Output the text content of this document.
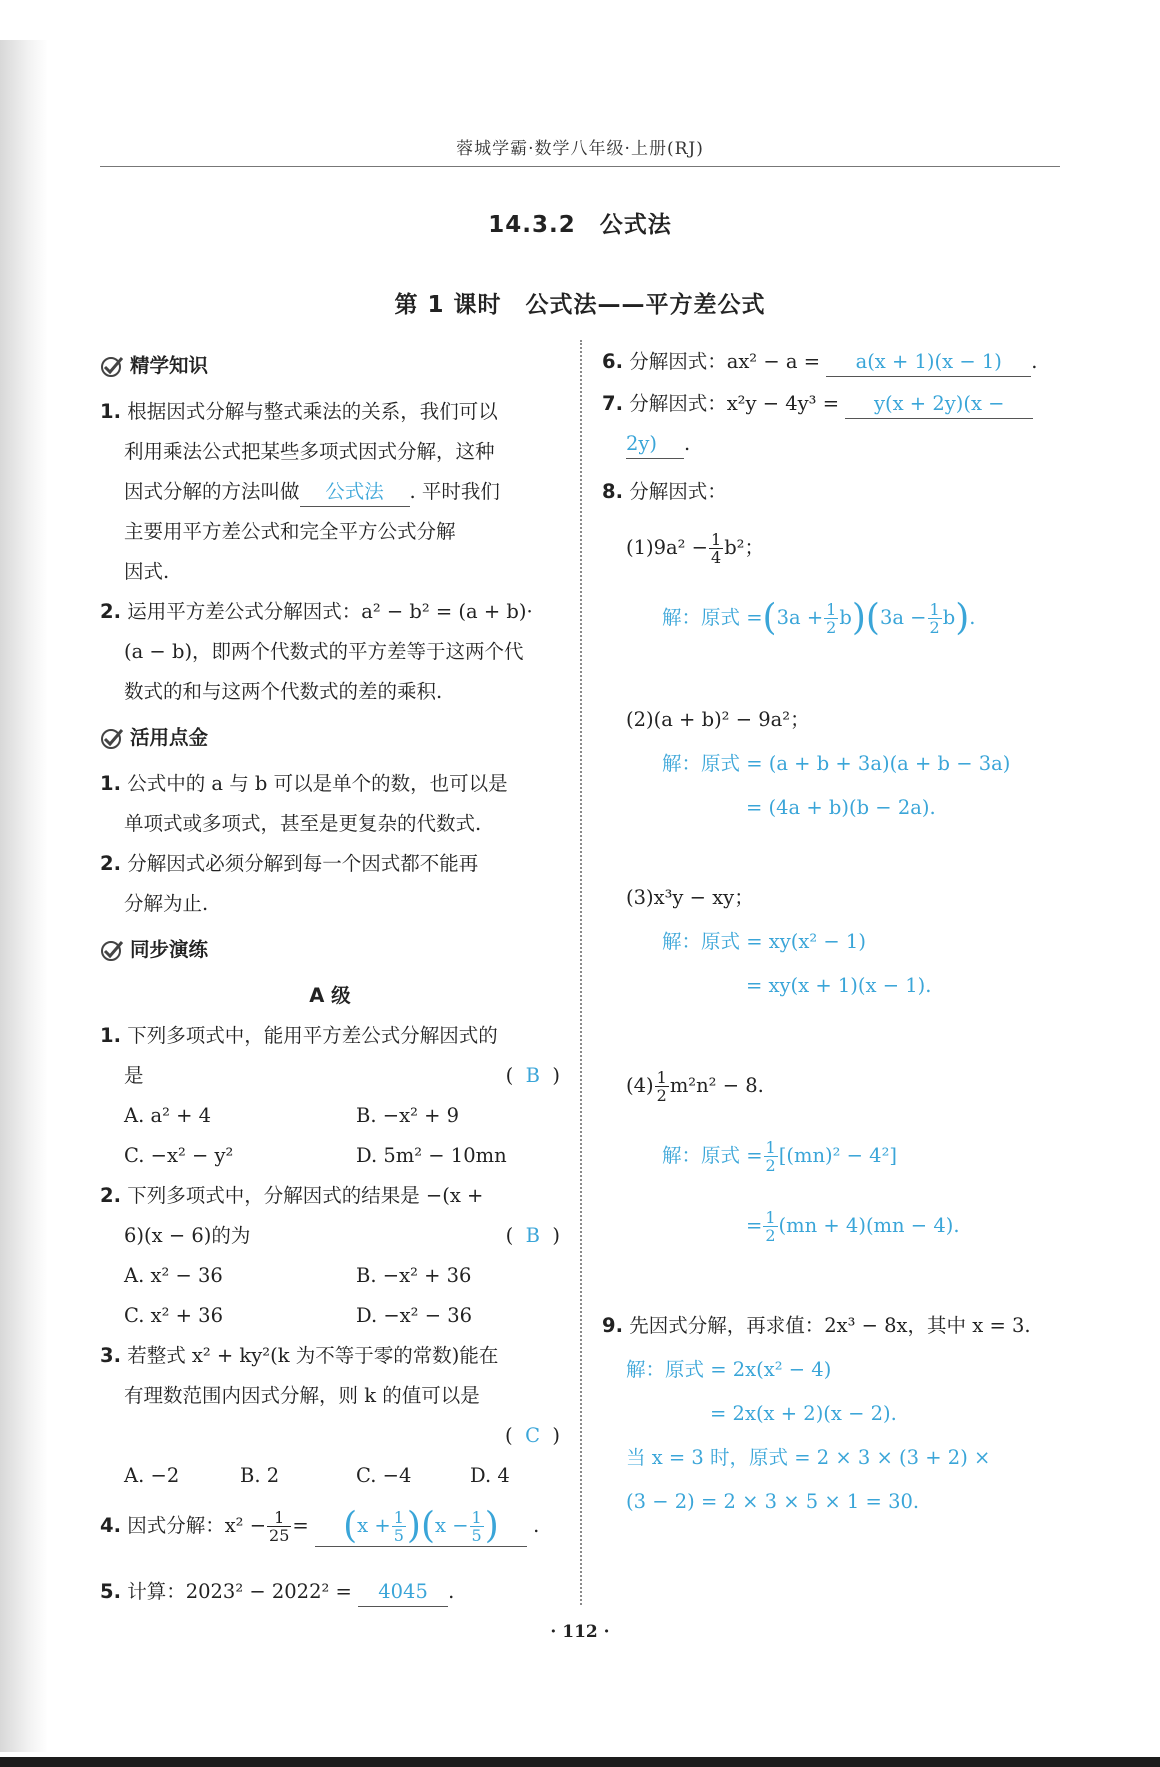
蓉城学霸·数学八年级·上册(RJ)
14.3.2　公式法
第 1 课时　公式法——平方差公式
精学知识
1. 根据因式分解与整式乘法的关系，我们可以
利用乘法公式把某些多项式因式分解，这种
因式分解的方法叫做 公式法 . 平时我们
主要用平方差公式和完全平方公式分解
因式.
2. 运用平方差公式分解因式：a² − b² = (a + b)·
(a − b)，即两个代数式的平方差等于这两个代
数式的和与这两个代数式的差的乘积.
活用点金
1. 公式中的 a 与 b 可以是单个的数，也可以是
单项式或多项式，甚至是更复杂的代数式.
2. 分解因式必须分解到每一个因式都不能再
分解为止.
同步演练
A 级
1. 下列多项式中，能用平方差公式分解因式的
是	(  B  )
A. a² + 4	B. −x² + 9
C. −x² − y²	D. 5m² − 10mn
2. 下列多项式中，分解因式的结果是 −(x +
6)(x − 6)的为	(  B  )
A. x² − 36	B. −x² + 36
C. x² + 36	D. −x² − 36
3. 若整式 x² + ky²(k 为不等于零的常数)能在
有理数范围内因式分解，则 k 的值可以是
(  C  )
A. −2	B. 2	C. −4	D. 4
4. 因式分解：$x^2 - \frac{1}{25} = (x + \frac{1}{5} )(x - \frac{1}{5}$ ) .
5. 计算：2023² − 2022² = 4045 .
6. 分解因式：ax² − a = a(x + 1)(x − 1) .
7. 分解因式：x²y − 4y³ = y(x + 2y)(x −
2y) .
8. 分解因式：
$(1)9a^2 - \frac{1}{4} b^2$；
解：原式 $=(3a + \frac{1}{2} b)(3a - \frac{1}{2} b)$.
(2)(a + b)² − 9a²；
解：原式 = (a + b + 3a)(a + b − 3a)
= (4a + b)(b − 2a).
(3)x³y − xy；
解：原式 = xy(x² − 1)
= xy(x + 1)(x − 1).
$(4) \frac{1}{2} m^2n^2 - 8$.
解：原式 = $\frac{1}{2} [(mn)^2 - 4^2]$
= $\frac{1}{2} (mn + 4)(mn - 4)$.
9. 先因式分解，再求值：2x³ − 8x，其中 x = 3.
解：原式 = 2x(x² − 4)
= 2x(x + 2)(x − 2).
当 x = 3 时，原式 = 2 × 3 × (3 + 2) ×
(3 − 2) = 2 × 3 × 5 × 1 = 30.
· 112 ·
